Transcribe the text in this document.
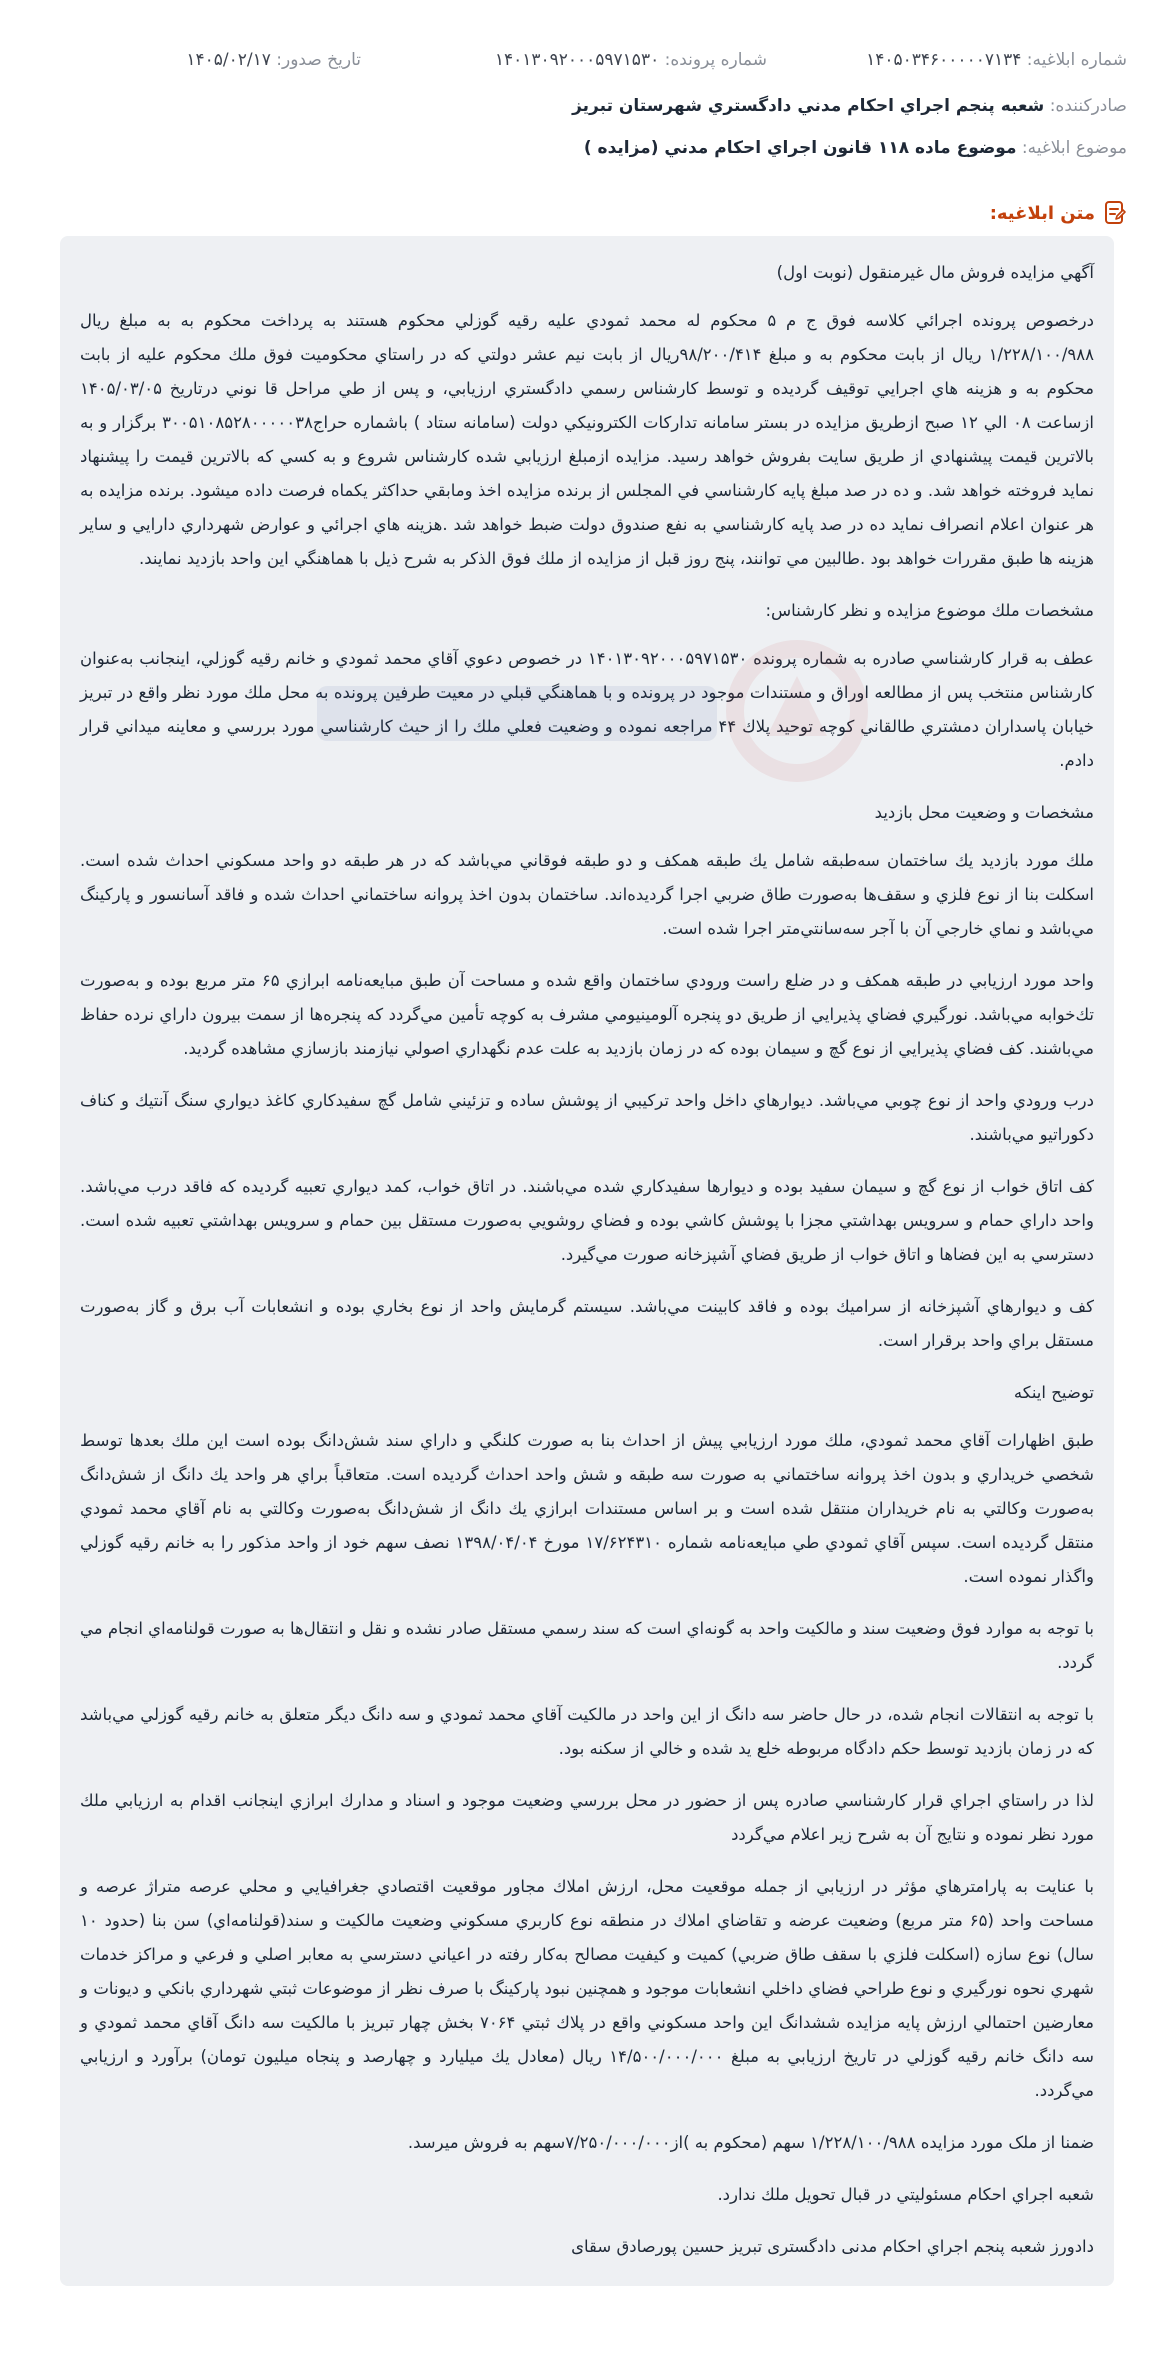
شماره ابلاغیه: ۱۴۰۵۰۳۴۶۰۰۰۰۰۷۱۳۴
شماره پرونده: ۱۴۰۱۳۰۹۲۰۰۰۵۹۷۱۵۳۰
تاریخ صدور: ۱۴۰۵/۰۲/۱۷
صادرکننده: شعبه پنجم اجراي احكام مدني دادگستري شهرستان تبريز
موضوع ابلاغیه: موضوع ماده ۱۱۸ قانون اجراي احكام مدني (مزايده )
متن ابلاغیه:

آگهي مزايده فروش مال غيرمنقول (نوبت اول)

درخصوص پرونده اجرائي كلاسه فوق ج م ۵ محكوم له محمد ثمودي عليه رقيه گوزلي محكوم هستند به پرداخت محكوم به به مبلغ ريال ۱/۲۲۸/۱۰۰/۹۸۸ ريال از بابت محكوم به و مبلغ ۹۸/۲۰۰/۴۱۴ريال از بابت نيم عشر دولتي كه در راستاي محكوميت فوق ملك محكوم عليه از بابت محكوم به و هزينه هاي اجرايي توقيف گرديده و توسط كارشناس رسمي دادگستري ارزيابي، و پس از طي مراحل قا نوني درتاريخ ۱۴۰۵/۰۳/۰۵ ازساعت ۰۸ الي ۱۲ صبح ازطريق مزايده در بستر سامانه تداركات الكترونيكي دولت (سامانه ستاد ) باشماره حراج۳۰۰۵۱۰۸۵۲۸۰۰۰۰۰۳۸ برگزار و به بالاترين قيمت پيشنهادي از طريق سايت بفروش خواهد رسيد. مزايده ازمبلغ ارزيابي شده كارشناس شروع و به كسي كه بالاترين قيمت را پيشنهاد نمايد فروخته خواهد شد. و ده در صد مبلغ پايه كارشناسي في المجلس از برنده مزايده اخذ ومابقي حداكثر يكماه فرصت داده ميشود. برنده مزايده به هر عنوان اعلام انصراف نمايد ده در صد پايه كارشناسي به نفع صندوق دولت ضبط خواهد شد .هزينه هاي اجرائي و عوارض شهرداري دارايي و ساير هزينه ها طبق مقررات خواهد بود .طالبين مي توانند، پنج روز قبل از مزايده از ملك فوق الذكر به شرح ذيل با هماهنگي اين واحد بازديد نمايند.

مشخصات ملك موضوع مزايده و نظر كارشناس:

عطف به قرار كارشناسي صادره به شماره پرونده ۱۴۰۱۳۰۹۲۰۰۰۵۹۷۱۵۳۰ در خصوص دعوي آقاي محمد ثمودي و خانم رقيه گوزلي، اينجانب به‌عنوان كارشناس منتخب پس از مطالعه اوراق و مستندات موجود در پرونده و با هماهنگي قبلي در معيت طرفين پرونده به محل ملك مورد نظر واقع در تبريز خيابان پاسداران دمشتري طالقاني كوچه توحيد پلاك ۴۴ مراجعه نموده و وضعيت فعلي ملك را از حيث كارشناسي مورد بررسي و معاينه ميداني قرار دادم.

مشخصات و وضعيت محل بازديد

ملك مورد بازديد يك ساختمان سه‌طبقه شامل يك طبقه همكف و دو طبقه فوقاني مي‌باشد كه در هر طبقه دو واحد مسكوني احداث شده است. اسكلت بنا از نوع فلزي و سقف‌ها به‌صورت طاق ضربي اجرا گرديده‌اند. ساختمان بدون اخذ پروانه ساختماني احداث شده و فاقد آسانسور و پاركينگ مي‌باشد و نماي خارجي آن با آجر سه‌سانتي‌متر اجرا شده است.

واحد مورد ارزيابي در طبقه همكف و در ضلع راست ورودي ساختمان واقع شده و مساحت آن طبق مبايعه‌نامه ابرازي ۶۵ متر مربع بوده و به‌صورت تك‌خوابه مي‌باشد. نورگيري فضاي پذيرايي از طريق دو پنجره آلومينيومي مشرف به كوچه تأمين مي‌گردد كه پنجره‌ها از سمت بيرون داراي نرده حفاظ مي‌باشند. كف فضاي پذيرايي از نوع گچ و سيمان بوده كه در زمان بازديد به علت عدم نگهداري اصولي نيازمند بازسازي مشاهده گرديد.

درب ورودي واحد از نوع چوبي مي‌باشد. ديوارهاي داخل واحد تركيبي از پوشش ساده و تزئيني شامل گچ سفيدكاري كاغذ ديواري سنگ آنتيك و كناف دكوراتيو مي‌باشند.

كف اتاق خواب از نوع گچ و سيمان سفيد بوده و ديوارها سفيدكاري شده مي‌باشند. در اتاق خواب، كمد ديواري تعبيه گرديده كه فاقد درب مي‌باشد. واحد داراي حمام و سرويس بهداشتي مجزا با پوشش كاشي بوده و فضاي روشويي به‌صورت مستقل بين حمام و سرويس بهداشتي تعبيه شده است. دسترسي به اين فضاها و اتاق خواب از طريق فضاي آشپزخانه صورت مي‌گيرد.

كف و ديوارهاي آشپزخانه از سراميك بوده و فاقد كابينت مي‌باشد. سيستم گرمايش واحد از نوع بخاري بوده و انشعابات آب برق و گاز به‌صورت مستقل براي واحد برقرار است.

توضيح اينكه

طبق اظهارات آقاي محمد ثمودي، ملك مورد ارزيابي پيش از احداث بنا به صورت كلنگي و داراي سند شش‌دانگ بوده است اين ملك بعدها توسط شخصي خريداري و بدون اخذ پروانه ساختماني به صورت سه طبقه و شش واحد احداث گرديده است. متعاقباً براي هر واحد يك دانگ از شش‌دانگ به‌صورت وكالتي به نام خريداران منتقل شده است و بر اساس مستندات ابرازي يك دانگ از شش‌دانگ به‌صورت وكالتي به نام آقاي محمد ثمودي منتقل گرديده است. سپس آقاي ثمودي طي مبايعه‌نامه شماره ۱۷/۶۲۴۳۱۰ مورخ ۱۳۹۸/۰۴/۰۴ نصف سهم خود از واحد مذكور را به خانم رقيه گوزلي واگذار نموده است.

با توجه به موارد فوق وضعيت سند و مالكيت واحد به گونه‌اي است كه سند رسمي مستقل صادر نشده و نقل و انتقال‌ها به صورت قولنامه‌اي انجام مي گردد.

با توجه به انتقالات انجام شده، در حال حاضر سه دانگ از اين واحد در مالكيت آقاي محمد ثمودي و سه دانگ ديگر متعلق به خانم رقيه گوزلي مي‌باشد كه در زمان بازديد توسط حكم دادگاه مربوطه خلع يد شده و خالي از سكنه بود.

لذا در راستاي اجراي قرار كارشناسي صادره پس از حضور در محل بررسي وضعيت موجود و اسناد و مدارك ابرازي اينجانب اقدام به ارزيابي ملك مورد نظر نموده و نتايج آن به شرح زير اعلام مي‌گردد

با عنايت به پارامترهاي مؤثر در ارزيابي از جمله موقعيت محل، ارزش املاك مجاور موقعيت اقتصادي جغرافيايي و محلي عرصه متراژ عرصه و مساحت واحد (۶۵ متر مربع) وضعيت عرضه و تقاضاي املاك در منطقه نوع كاربري مسكوني وضعيت مالكيت و سند(قولنامه‌اي) سن بنا (حدود ۱۰ سال) نوع سازه (اسكلت فلزي با سقف طاق ضربي) كميت و كيفيت مصالح به‌كار رفته در اعياني دسترسي به معابر اصلي و فرعي و مراكز خدمات شهري نحوه نورگيري و نوع طراحي فضاي داخلي انشعابات موجود و همچنين نبود پاركينگ با صرف نظر از موضوعات ثبتي شهرداري بانكي و ديونات و معارضين احتمالي ارزش پايه مزايده ششدانگ اين واحد مسكوني واقع در پلاك ثبتي ۷۰۶۴ بخش چهار تبريز با مالكيت سه دانگ آقاي محمد ثمودي و سه دانگ خانم رقيه گوزلي در تاريخ ارزيابي به مبلغ ۱۴/۵۰۰/۰۰۰/۰۰۰ ريال (معادل يك ميليارد و چهارصد و پنجاه ميليون تومان) برآورد و ارزيابي مي‌گردد.

ضمنا از ملک مورد مزايده ۱/۲۲۸/۱۰۰/۹۸۸ سهم (محکوم به )از۷/۲۵۰/۰۰۰/۰۰۰سهم به فروش ميرسد.

شعبه اجراي احكام مسئوليتي در قبال تحويل ملك ندارد.

دادورز شعبه پنجم اجراي احكام مدنی دادگستری تبريز حسين پورصادق سقای
